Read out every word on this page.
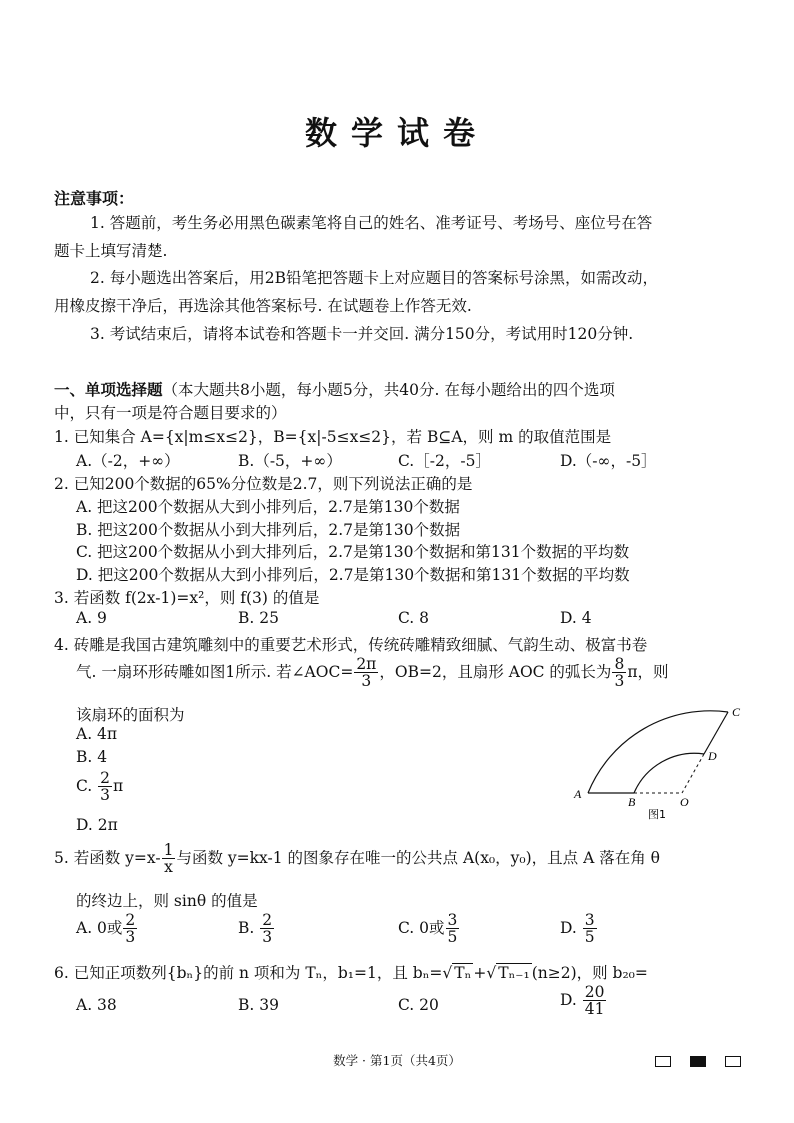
数学试卷
注意事项：
1. 答题前，考生务必用黑色碳素笔将自己的姓名、准考证号、考场号、座位号在答
题卡上填写清楚.
2. 每小题选出答案后，用2B铅笔把答题卡上对应题目的答案标号涂黑，如需改动，
用橡皮擦干净后，再选涂其他答案标号. 在试题卷上作答无效.
3. 考试结束后，请将本试卷和答题卡一并交回. 满分150分，考试用时120分钟.
一、单项选择题（本大题共8小题，每小题5分，共40分. 在每小题给出的四个选项
中，只有一项是符合题目要求的）
1. 已知集合 A={x|m≤x≤2}，B={x|-5≤x≤2}，若 B⊆A，则 m 的取值范围是
A.（-2，+∞）	B.（-5，+∞）	C.［-2，-5］	D.（-∞，-5］
2. 已知200个数据的65%分位数是2.7，则下列说法正确的是
A. 把这200个数据从大到小排列后，2.7是第130个数据
B. 把这200个数据从小到大排列后，2.7是第130个数据
C. 把这200个数据从小到大排列后，2.7是第130个数据和第131个数据的平均数
D. 把这200个数据从大到小排列后，2.7是第130个数据和第131个数据的平均数
3. 若函数 f(2x-1)=x²，则 f(3) 的值是
A. 9	B. 25	C. 8	D. 4
4. 砖雕是我国古建筑雕刻中的重要艺术形式，传统砖雕精致细腻、气韵生动、极富书卷
气. 一扇环形砖雕如图1所示. 若∠AOC= $\frac{2\pi}{3}$ ，OB=2，且扇形 AOC 的弧长为 $\frac{8}{3}$ π，则
该扇环的面积为
A. 4π
B. 4
C. $\frac{2}{3}$ π
D. 2π
A
B
C
D
O
图1
5. 若函数 $y=x- \frac{1}{x}$ 与函数 y=kx-1 的图象存在唯一的公共点 A(x₀，y₀)，且点 A 落在角 θ
的终边上，则 sinθ 的值是
A. 0或 $\frac{2}{3}$	B. $\frac{2}{3}$	C. 0或 $\frac{3}{5}$	D. $\frac{3}{5}$
6. 已知正项数列{bₙ}的前 n 项和为 Tₙ，b₁=1，且 bₙ=√ Tₙ +√ Tₙ₋₁ (n≥2)，则 b₂₀=
A. 38	B. 39	C. 20	D. $\frac{20}{41}$
数学 · 第1页（共4页）
